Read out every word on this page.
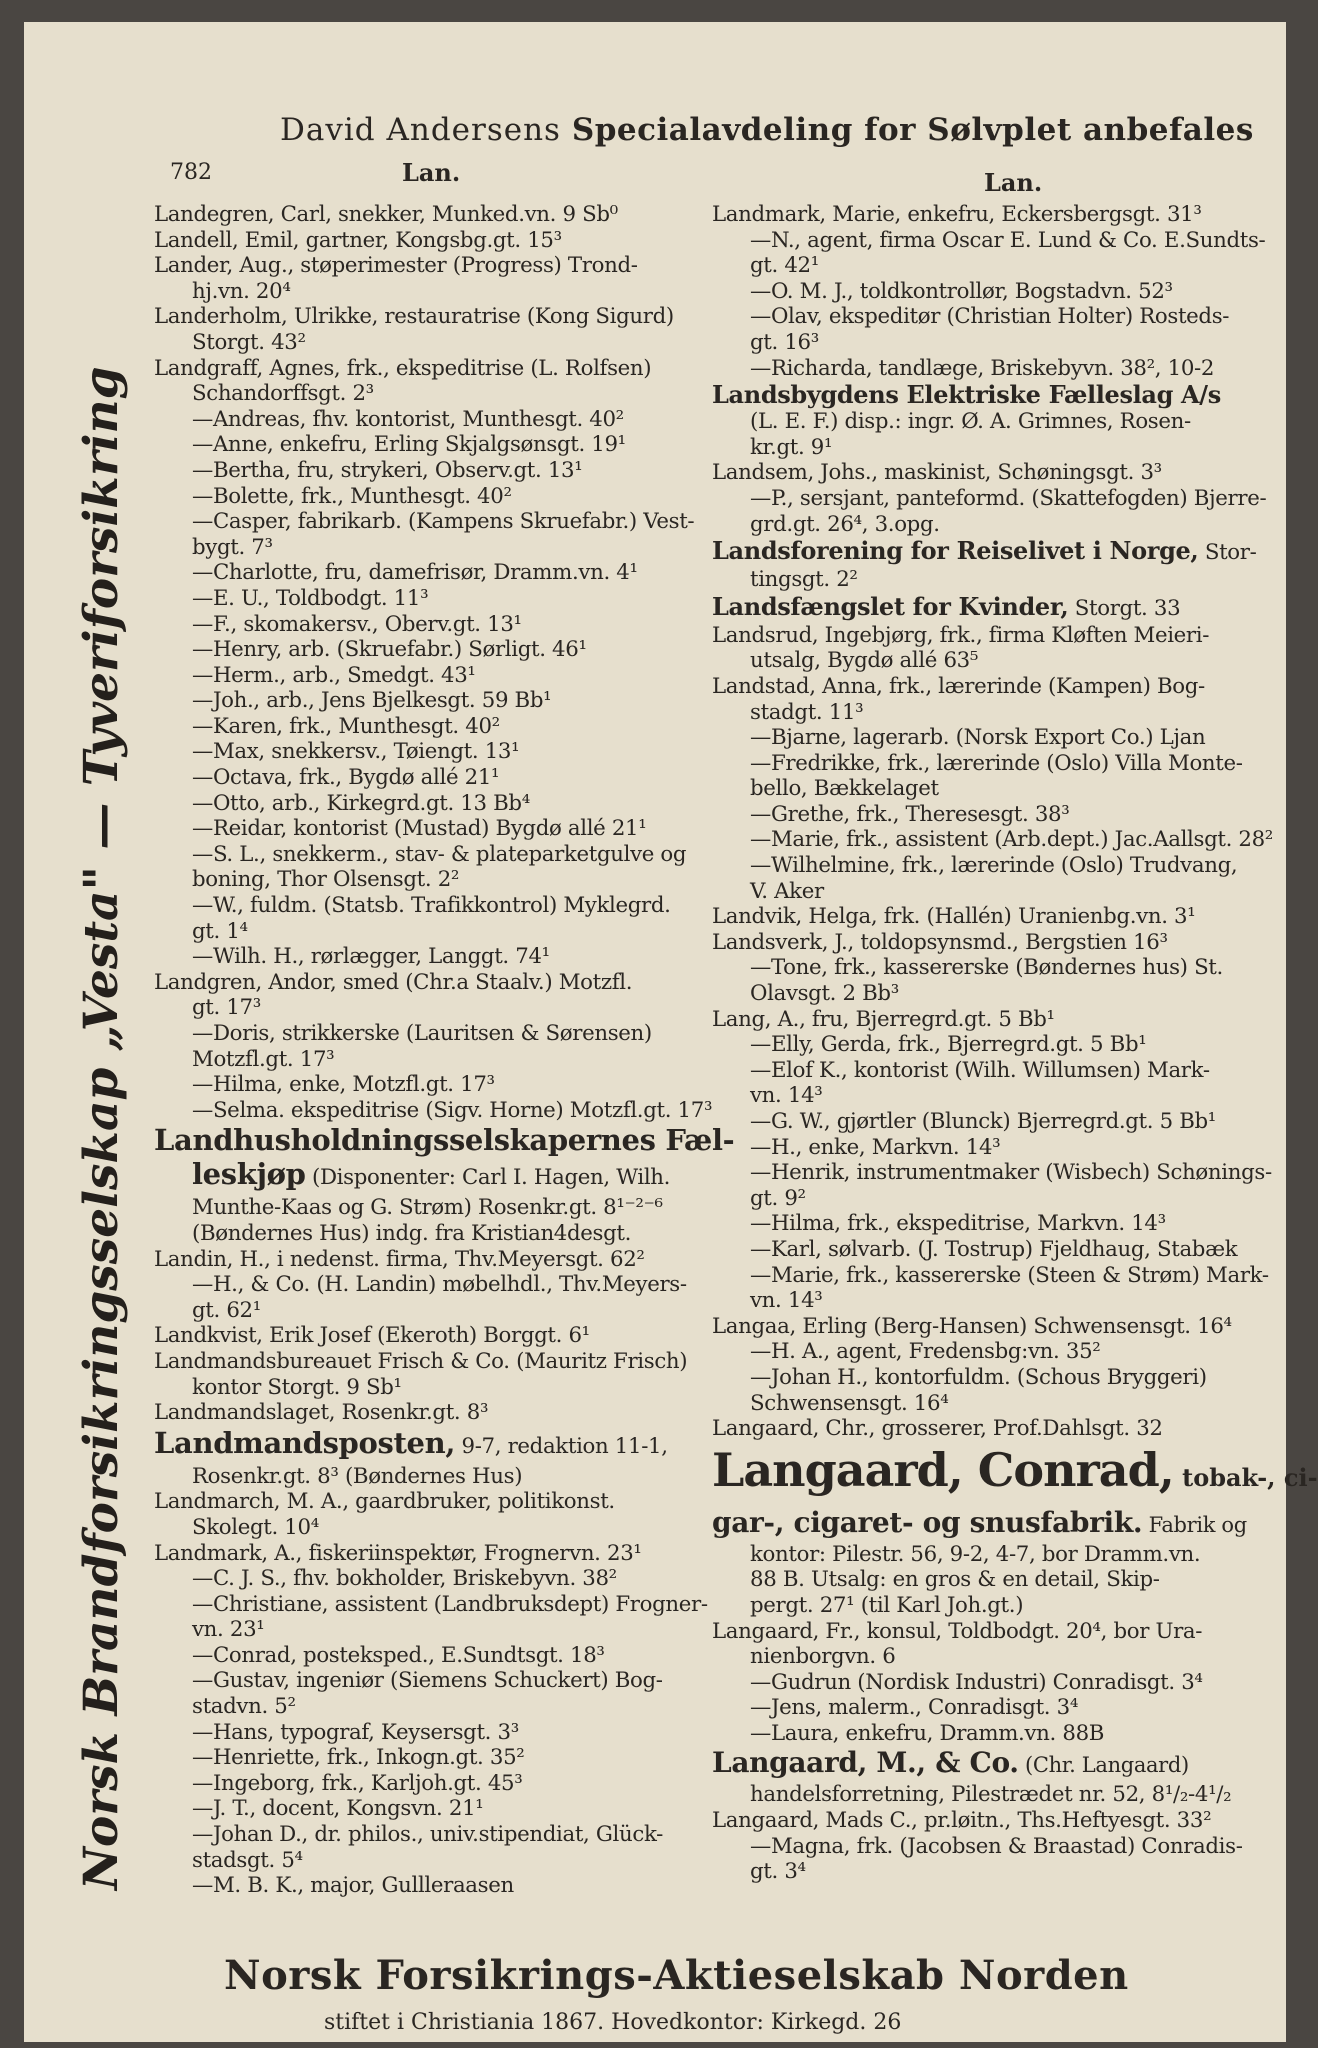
Norsk Brandforsikringsselskap „Vesta" — Tyveriforsikring
David Andersens Specialavdeling for Sølvplet anbefales
782	Lan.	Lan.
Landegren, Carl, snekker, Munked.vn. 9 Sb⁰
Landell, Emil, gartner, Kongsbg.gt. 15³
Lander, Aug., støperimester (Progress) Trond-
hj.vn. 20⁴
Landerholm, Ulrikke, restauratrise (Kong Sigurd)
Storgt. 43²
Landgraff, Agnes, frk., ekspeditrise (L. Rolfsen)
Schandorffsgt. 2³
—Andreas, fhv. kontorist, Munthesgt. 40²
—Anne, enkefru, Erling Skjalgsønsgt. 19¹
—Bertha, fru, strykeri, Observ.gt. 13¹
—Bolette, frk., Munthesgt. 40²
—Casper, fabrikarb. (Kampens Skruefabr.) Vest-
bygt. 7³
—Charlotte, fru, damefrisør, Dramm.vn. 4¹
—E. U., Toldbodgt. 11³
—F., skomakersv., Oberv.gt. 13¹
—Henry, arb. (Skruefabr.) Sørligt. 46¹
—Herm., arb., Smedgt. 43¹
—Joh., arb., Jens Bjelkesgt. 59 Bb¹
—Karen, frk., Munthesgt. 40²
—Max, snekkersv., Tøiengt. 13¹
—Octava, frk., Bygdø allé 21¹
—Otto, arb., Kirkegrd.gt. 13 Bb⁴
—Reidar, kontorist (Mustad) Bygdø allé 21¹
—S. L., snekkerm., stav- & plateparketgulve og
boning, Thor Olsensgt. 2²
—W., fuldm. (Statsb. Trafikkontrol) Myklegrd.
gt. 1⁴
—Wilh. H., rørlægger, Langgt. 74¹
Landgren, Andor, smed (Chr.a Staalv.) Motzfl.
gt. 17³
—Doris, strikkerske (Lauritsen & Sørensen)
Motzfl.gt. 17³
—Hilma, enke, Motzfl.gt. 17³
—Selma. ekspeditrise (Sigv. Horne) Motzfl.gt. 17³
Landhusholdningsselskapernes Fæl-
leskjøp (Disponenter: Carl I. Hagen, Wilh.
Munthe-Kaas og G. Strøm) Rosenkr.gt. 8¹⁻²⁻⁶
(Bøndernes Hus) indg. fra Kristian4desgt.
Landin, H., i nedenst. firma, Thv.Meyersgt. 62²
—H., & Co. (H. Landin) møbelhdl., Thv.Meyers-
gt. 62¹
Landkvist, Erik Josef (Ekeroth) Borggt. 6¹
Landmandsbureauet Frisch & Co. (Mauritz Frisch)
kontor Storgt. 9 Sb¹
Landmandslaget, Rosenkr.gt. 8³
Landmandsposten, 9-7, redaktion 11-1,
Rosenkr.gt. 8³ (Bøndernes Hus)
Landmarch, M. A., gaardbruker, politikonst.
Skolegt. 10⁴
Landmark, A., fiskeriinspektør, Frognervn. 23¹
—C. J. S., fhv. bokholder, Briskebyvn. 38²
—Christiane, assistent (Landbruksdept) Frogner-
vn. 23¹
—Conrad, posteksped., E.Sundtsgt. 18³
—Gustav, ingeniør (Siemens Schuckert) Bog-
stadvn. 5²
—Hans, typograf, Keysersgt. 3³
—Henriette, frk., Inkogn.gt. 35²
—Ingeborg, frk., Karljoh.gt. 45³
—J. T., docent, Kongsvn. 21¹
—Johan D., dr. philos., univ.stipendiat, Glück-
stadsgt. 5⁴
—M. B. K., major, Gullleraasen
Landmark, Marie, enkefru, Eckersbergsgt. 31³
—N., agent, firma Oscar E. Lund & Co. E.Sundts-
gt. 42¹
—O. M. J., toldkontrollør, Bogstadvn. 52³
—Olav, ekspeditør (Christian Holter) Rosteds-
gt. 16³
—Richarda, tandlæge, Briskebyvn. 38², 10-2
Landsbygdens Elektriske Fælleslag A/s
(L. E. F.) disp.: ingr. Ø. A. Grimnes, Rosen-
kr.gt. 9¹
Landsem, Johs., maskinist, Schøningsgt. 3³
—P., sersjant, panteformd. (Skattefogden) Bjerre-
grd.gt. 26⁴, 3.opg.
Landsforening for Reiselivet i Norge, Stor-
tingsgt. 2²
Landsfængslet for Kvinder, Storgt. 33
Landsrud, Ingebjørg, frk., firma Kløften Meieri-
utsalg, Bygdø allé 63⁵
Landstad, Anna, frk., lærerinde (Kampen) Bog-
stadgt. 11³
—Bjarne, lagerarb. (Norsk Export Co.) Ljan
—Fredrikke, frk., lærerinde (Oslo) Villa Monte-
bello, Bækkelaget
—Grethe, frk., Theresesgt. 38³
—Marie, frk., assistent (Arb.dept.) Jac.Aallsgt. 28²
—Wilhelmine, frk., lærerinde (Oslo) Trudvang,
V. Aker
Landvik, Helga, frk. (Hallén) Uranienbg.vn. 3¹
Landsverk, J., toldopsynsmd., Bergstien 16³
—Tone, frk., kassererske (Bøndernes hus) St.
Olavsgt. 2 Bb³
Lang, A., fru, Bjerregrd.gt. 5 Bb¹
—Elly, Gerda, frk., Bjerregrd.gt. 5 Bb¹
—Elof K., kontorist (Wilh. Willumsen) Mark-
vn. 14³
—G. W., gjørtler (Blunck) Bjerregrd.gt. 5 Bb¹
—H., enke, Markvn. 14³
—Henrik, instrumentmaker (Wisbech) Schønings-
gt. 9²
—Hilma, frk., ekspeditrise, Markvn. 14³
—Karl, sølvarb. (J. Tostrup) Fjeldhaug, Stabæk
—Marie, frk., kassererske (Steen & Strøm) Mark-
vn. 14³
Langaa, Erling (Berg-Hansen) Schwensensgt. 16⁴
—H. A., agent, Fredensbg:vn. 35²
—Johan H., kontorfuldm. (Schous Bryggeri)
Schwensensgt. 16⁴
Langaard, Chr., grosserer, Prof.Dahlsgt. 32
Langaard, Conrad, tobak-, ci-
gar-, cigaret- og snusfabrik. Fabrik og
kontor: Pilestr. 56, 9-2, 4-7, bor Dramm.vn.
88 B. Utsalg: en gros & en detail, Skip-
pergt. 27¹ (til Karl Joh.gt.)
Langaard, Fr., konsul, Toldbodgt. 20⁴, bor Ura-
nienborgvn. 6
—Gudrun (Nordisk Industri) Conradisgt. 3⁴
—Jens, malerm., Conradisgt. 3⁴
—Laura, enkefru, Dramm.vn. 88B
Langaard, M., & Co. (Chr. Langaard)
handelsforretning, Pilestrædet nr. 52, 8¹/₂-4¹/₂
Langaard, Mads C., pr.løitn., Ths.Heftyesgt. 33²
—Magna, frk. (Jacobsen & Braastad) Conradis-
gt. 3⁴
Norsk Forsikrings-Aktieselskab Norden
stiftet i Christiania 1867. Hovedkontor: Kirkegd. 26
